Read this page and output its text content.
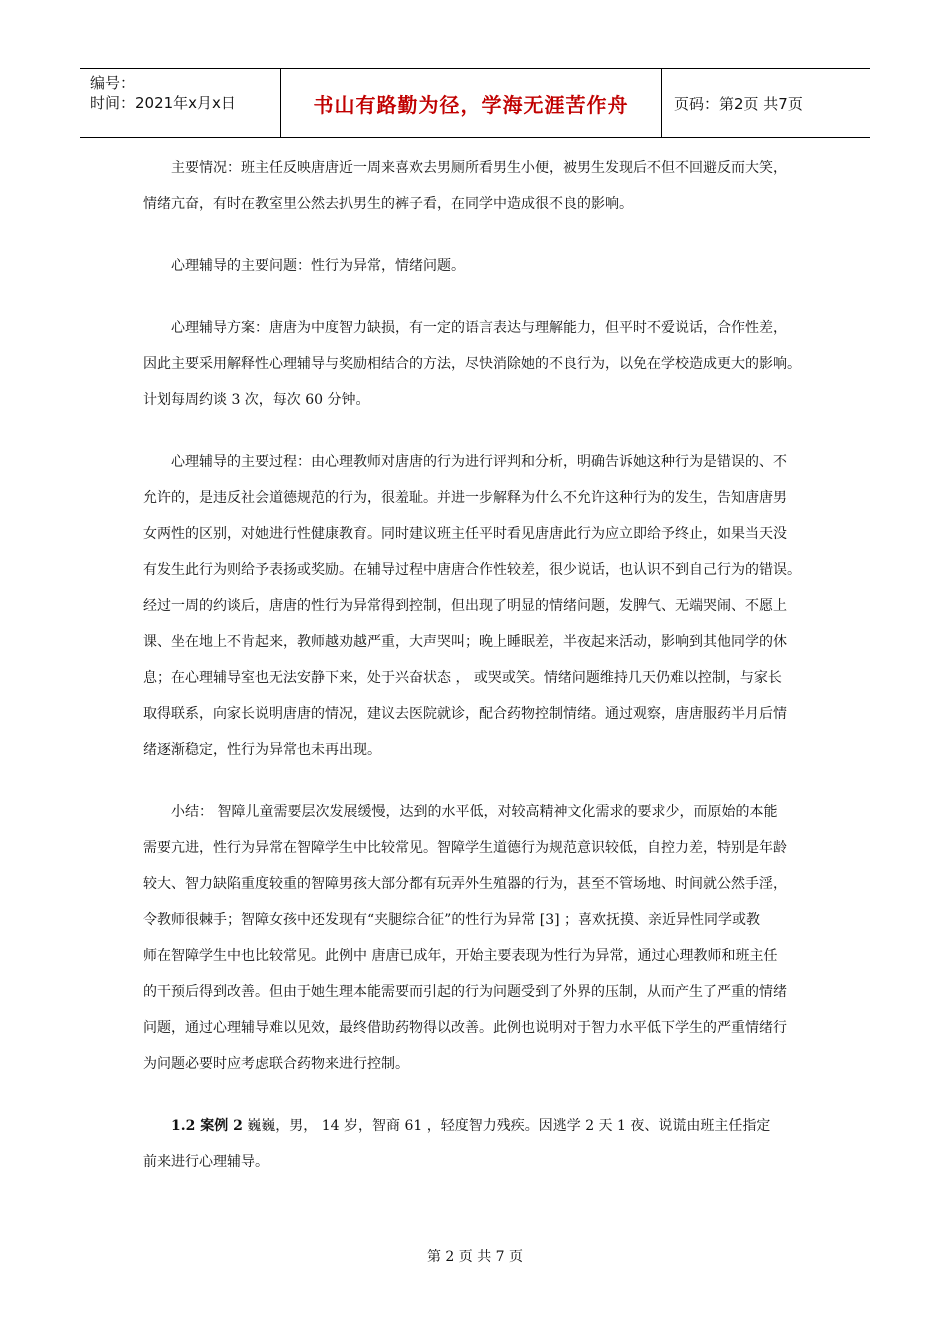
编号：
时间：2021年x月x日	书山有路勤为径，学海无涯苦作舟	页码：第2页 共7页
主要情况：班主任反映唐唐近一周来喜欢去男厕所看男生小便，被男生发现后不但不回避反而大笑，
情绪亢奋，有时在教室里公然去扒男生的裤子看，在同学中造成很不良的影响。
心理辅导的主要问题：性行为异常，情绪问题。
心理辅导方案：唐唐为中度智力缺损，有一定的语言表达与理解能力，但平时不爱说话，合作性差，
因此主要采用解释性心理辅导与奖励相结合的方法，尽快消除她的不良行为，以免在学校造成更大的影响。
计划每周约谈 3 次，每次 60 分钟。
心理辅导的主要过程：由心理教师对唐唐的行为进行评判和分析，明确告诉她这种行为是错误的、不
允许的，是违反社会道德规范的行为，很羞耻。并进一步解释为什么不允许这种行为的发生，告知唐唐男
女两性的区别，对她进行性健康教育。同时建议班主任平时看见唐唐此行为应立即给予终止，如果当天没
有发生此行为则给予表扬或奖励。在辅导过程中唐唐合作性较差，很少说话，也认识不到自己行为的错误。
经过一周的约谈后，唐唐的性行为异常得到控制，但出现了明显的情绪问题，发脾气、无端哭闹、不愿上
课、坐在地上不肯起来，教师越劝越严重，大声哭叫；晚上睡眠差，半夜起来活动，影响到其他同学的休
息；在心理辅导室也无法安静下来，处于兴奋状态 ， 或哭或笑。情绪问题维持几天仍难以控制，与家长
取得联系，向家长说明唐唐的情况，建议去医院就诊，配合药物控制情绪。通过观察，唐唐服药半月后情
绪逐渐稳定，性行为异常也未再出现。
小结： 智障儿童需要层次发展缓慢，达到的水平低，对较高精神文化需求的要求少，而原始的本能
需要亢进，性行为异常在智障学生中比较常见。智障学生道德行为规范意识较低，自控力差，特别是年龄
较大、智力缺陷重度较重的智障男孩大部分都有玩弄外生殖器的行为，甚至不管场地、时间就公然手淫，
令教师很棘手；智障女孩中还发现有“夹腿综合征”的性行为异常 [3] ；喜欢抚摸、亲近异性同学或教
师在智障学生中也比较常见。此例中 唐唐已成年，开始主要表现为性行为异常，通过心理教师和班主任
的干预后得到改善。但由于她生理本能需要而引起的行为问题受到了外界的压制，从而产生了严重的情绪
问题，通过心理辅导难以见效，最终借助药物得以改善。此例也说明对于智力水平低下学生的严重情绪行
为问题必要时应考虑联合药物来进行控制。
1.2 案例 2 巍巍，男， 14 岁，智商 61 ，轻度智力残疾。因逃学 2 天 1 夜、说谎由班主任指定
前来进行心理辅导。
第 2 页 共 7 页
